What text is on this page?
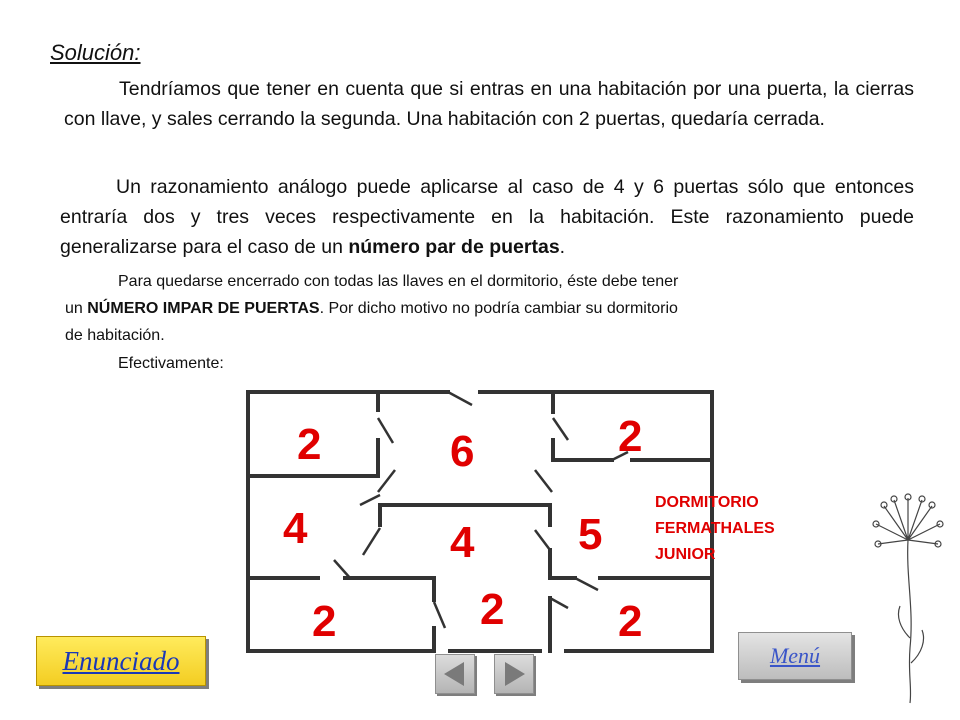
Solución:
Tendríamos que tener en cuenta que si entras en una habitación por una puerta, la cierras con llave, y sales cerrando la segunda. Una habitación con 2 puertas, quedaría cerrada.
Un razonamiento análogo puede aplicarse al caso de 4 y 6 puertas sólo que entonces entraría dos y tres veces respectivamente en la habitación. Este razonamiento puede generalizarse para el caso de un número par de puertas.
Para quedarse encerrado con todas las llaves en el dormitorio, éste debe tener
un NÚMERO IMPAR DE PUERTAS. Por dicho motivo no podría cambiar su dormitorio
de habitación.
Efectivamente:
2	6	2
4	4 5
2	2	2
DORMITORIO
FERMATHALES
JUNIOR
Enunciado	Menú
